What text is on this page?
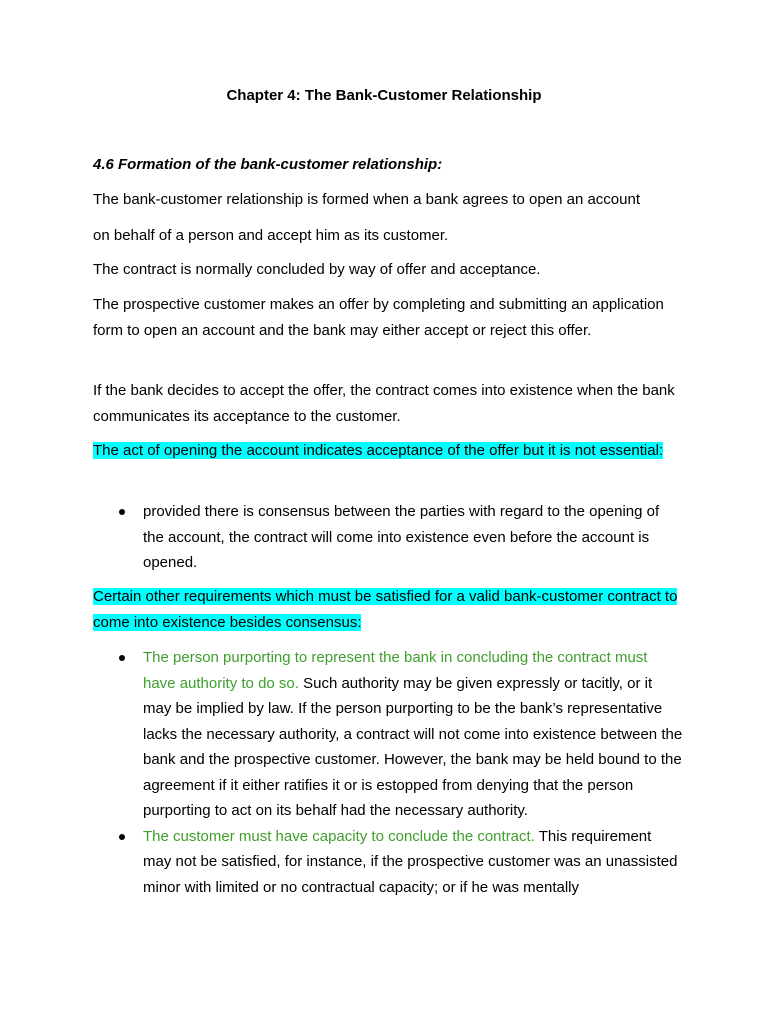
Chapter 4: The Bank-Customer Relationship
4.6 Formation of the bank-customer relationship:
The bank-customer relationship is formed when a bank agrees to open an account
on behalf of a person and accept him as its customer.
The contract is normally concluded by way of offer and acceptance.

The prospective customer makes an offer by completing and submitting an application form to open an account and the bank may either accept or reject this offer.

If the bank decides to accept the offer, the contract comes into existence when the bank communicates its acceptance to the customer.

The act of opening the account indicates acceptance of the offer but it is not essential:

provided there is consensus between the parties with regard to the opening of the account, the contract will come into existence even before the account is opened.

Certain other requirements which must be satisfied for a valid bank-customer contract to come into existence besides consensus:

The person purporting to represent the bank in concluding the contract must have authority to do so. Such authority may be given expressly or tacitly, or it may be implied by law. If the person purporting to be the bank’s representative lacks the necessary authority, a contract will not come into existence between the bank and the prospective customer. However, the bank may be held bound to the agreement if it either ratifies it or is estopped from denying that the person purporting to act on its behalf had the necessary authority.
The customer must have capacity to conclude the contract. This requirement may not be satisfied, for instance, if the prospective customer was an unassisted minor with limited or no contractual capacity; or if he was mentally
